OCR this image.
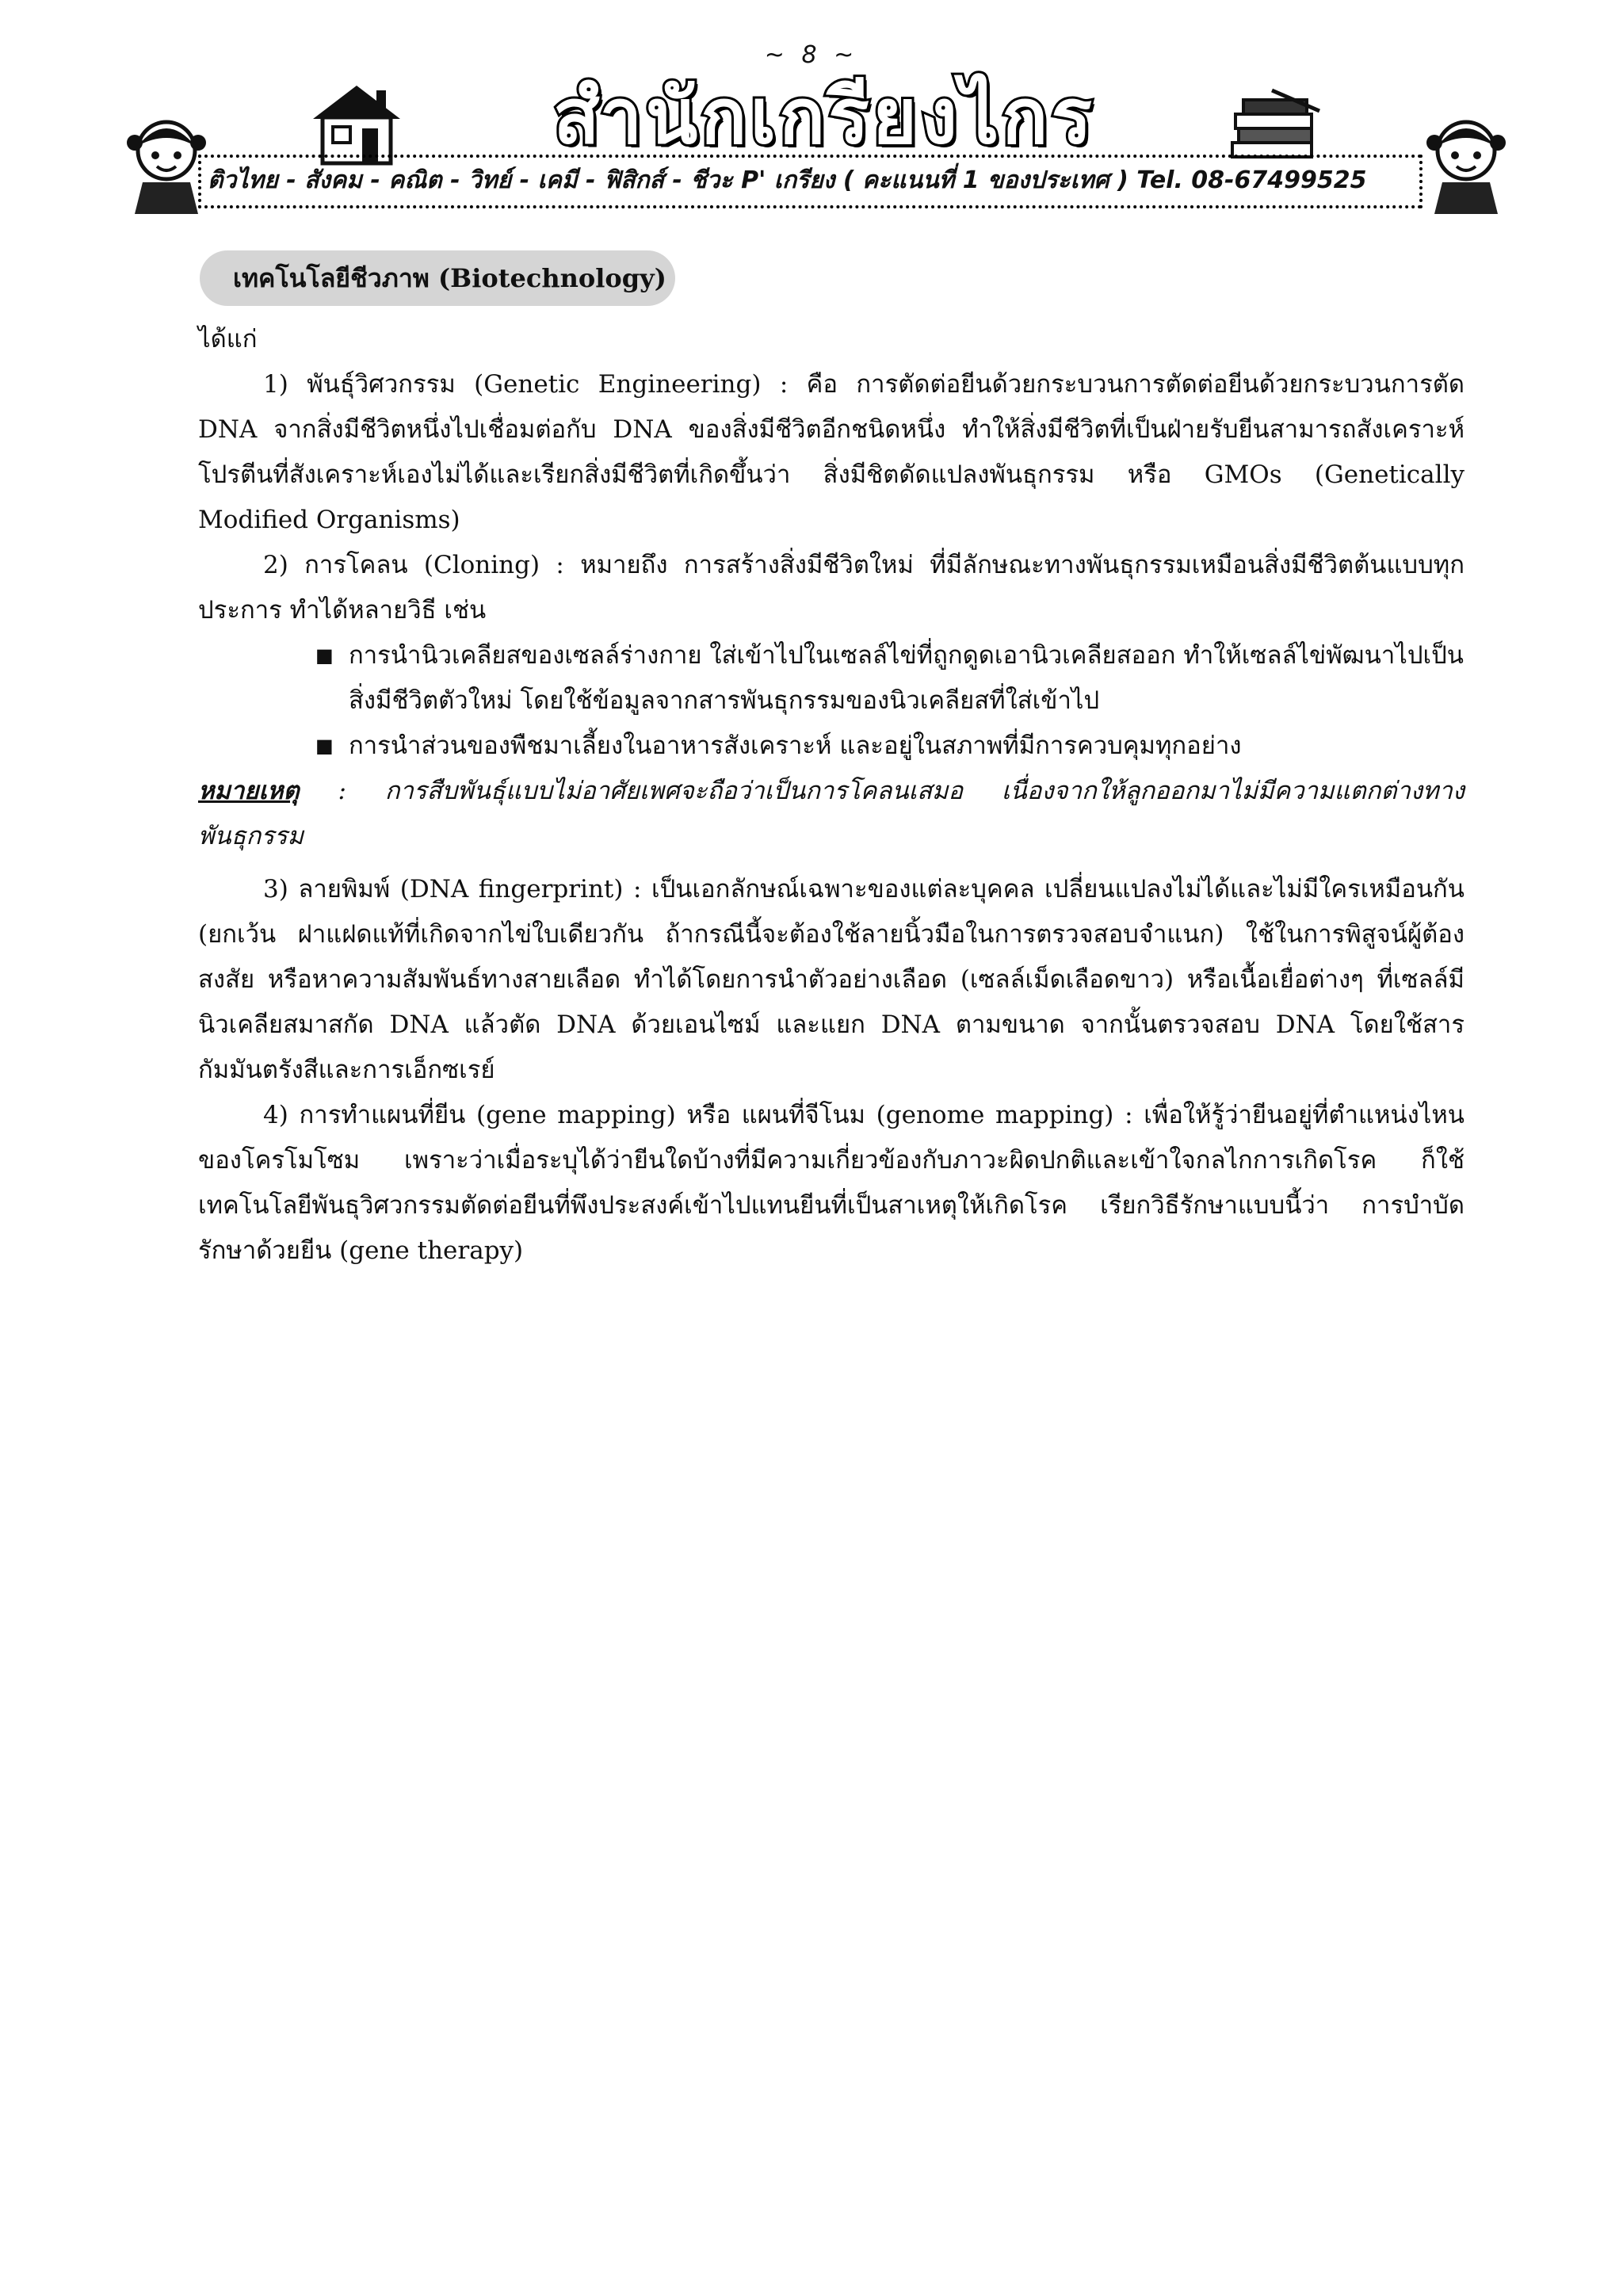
~ 8 ~
สำนักเกรียงไกร
ติวไทย - สังคม - คณิต - วิทย์ - เคมี - ฟิสิกส์ - ชีวะ P' เกรียง ( คะแนนที่ 1 ของประเทศ ) Tel. 08-67499525
เทคโนโลยีชีวภาพ (Biotechnology)

ได้แก่

1) พันธุ์วิศวกรรม (Genetic Engineering) : คือ การตัดต่อยีนด้วยกระบวนการตัดต่อยีนด้วยกระบวนการตัด DNA จากสิ่งมีชีวิตหนึ่งไปเชื่อมต่อกับ DNA ของสิ่งมีชีวิตอีกชนิดหนึ่ง ทำให้สิ่งมีชีวิตที่เป็นฝ่ายรับยีนสามารถสังเคราะห์โปรตีนที่สังเคราะห์เองไม่ได้และเรียกสิ่งมีชีวิตที่เกิดขึ้นว่า สิ่งมีชิตดัดแปลงพันธุกรรม หรือ GMOs (Genetically Modified Organisms)

2) การโคลน (Cloning) : หมายถึง การสร้างสิ่งมีชีวิตใหม่ ที่มีลักษณะทางพันธุกรรมเหมือนสิ่งมีชีวิตต้นแบบทุกประการ ทำได้หลายวิธี เช่น

■ การนำนิวเคลียสของเซลล์ร่างกาย ใส่เข้าไปในเซลล์ไข่ที่ถูกดูดเอานิวเคลียสออก ทำให้เซลล์ไข่พัฒนาไปเป็นสิ่งมีชีวิตตัวใหม่ โดยใช้ข้อมูลจากสารพันธุกรรมของนิวเคลียสที่ใส่เข้าไป
■ การนำส่วนของพืชมาเลี้ยงในอาหารสังเคราะห์ และอยู่ในสภาพที่มีการควบคุมทุกอย่าง

หมายเหตุ : การสืบพันธุ์แบบไม่อาศัยเพศจะถือว่าเป็นการโคลนเสมอ เนื่องจากให้ลูกออกมาไม่มีความแตกต่างทางพันธุกรรม

3) ลายพิมพ์ (DNA fingerprint) : เป็นเอกลักษณ์เฉพาะของแต่ละบุคคล เปลี่ยนแปลงไม่ได้และไม่มีใครเหมือนกัน (ยกเว้น ฝาแฝดแท้ที่เกิดจากไข่ใบเดียวกัน ถ้ากรณีนี้จะต้องใช้ลายนิ้วมือในการตรวจสอบจำแนก) ใช้ในการพิสูจน์ผู้ต้องสงสัย หรือหาความสัมพันธ์ทางสายเลือด ทำได้โดยการนำตัวอย่างเลือด (เซลล์เม็ดเลือดขาว) หรือเนื้อเยื่อต่างๆ ที่เซลล์มีนิวเคลียสมาสกัด DNA แล้วตัด DNA ด้วยเอนไซม์ และแยก DNA ตามขนาด จากนั้นตรวจสอบ DNA โดยใช้สารกัมมันตรังสีและการเอ็กซเรย์

4) การทำแผนที่ยีน (gene mapping) หรือ แผนที่จีโนม (genome mapping) : เพื่อให้รู้ว่ายีนอยู่ที่ตำแหน่งไหนของโครโมโซม เพราะว่าเมื่อระบุได้ว่ายีนใดบ้างที่มีความเกี่ยวข้องกับภาวะผิดปกติและเข้าใจกลไกการเกิดโรค ก็ใช้เทคโนโลยีพันธุวิศวกรรมตัดต่อยีนที่พึงประสงค์เข้าไปแทนยีนที่เป็นสาเหตุให้เกิดโรค เรียกวิธีรักษาแบบนี้ว่า การบำบัดรักษาด้วยยีน (gene therapy)
